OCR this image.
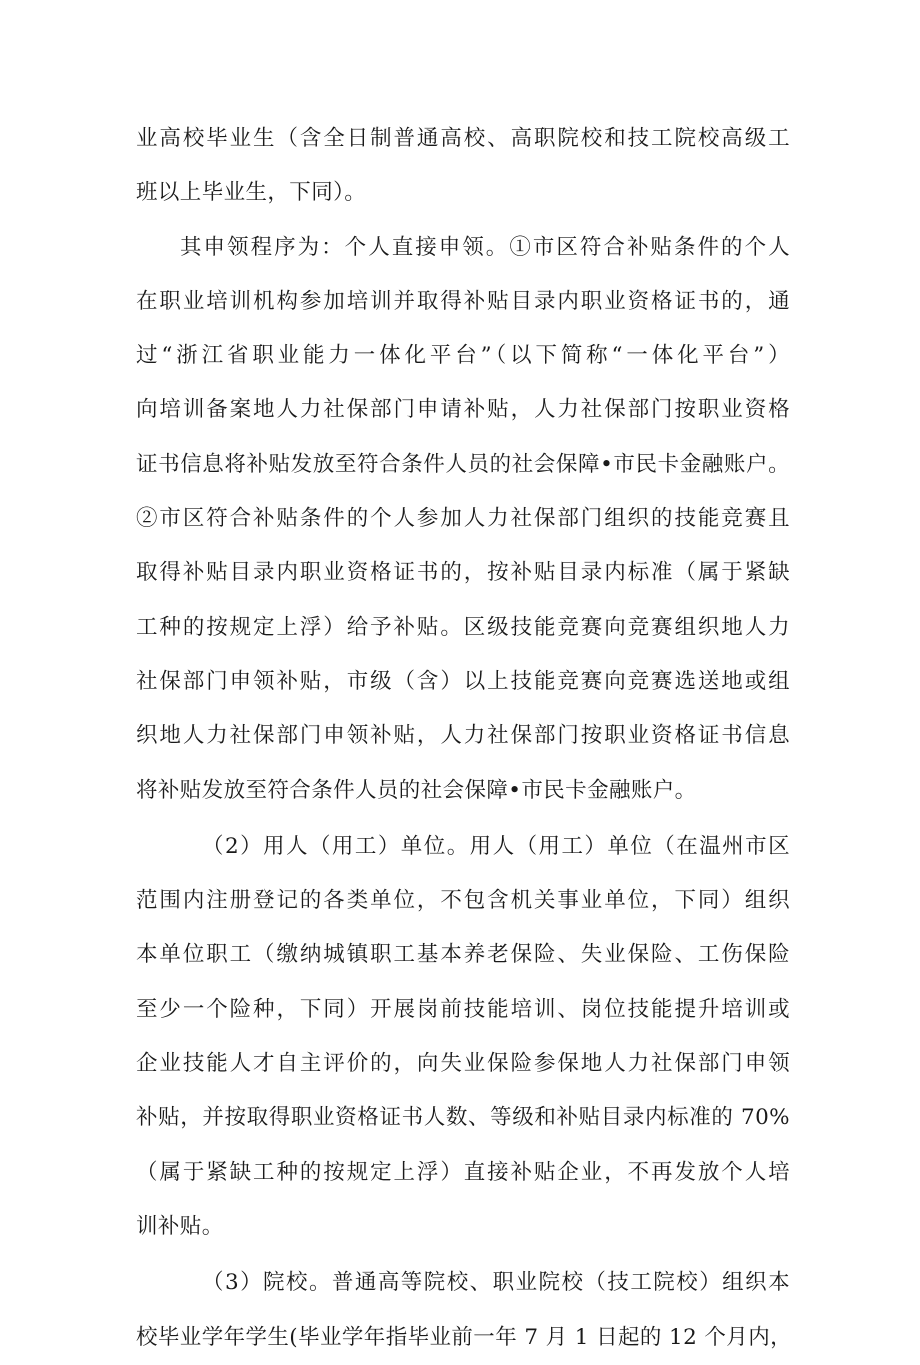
业高校毕业生（含全日制普通高校、高职院校和技工院校高级工
班以上毕业生，下同）。
其申领程序为：个人直接申领。①市区符合补贴条件的个人
在职业培训机构参加培训并取得补贴目录内职业资格证书的，通
过“浙江省职业能力一体化平台”（以下简称“一体化平台”）
向培训备案地人力社保部门申请补贴，人力社保部门按职业资格
证书信息将补贴发放至符合条件人员的社会保障•市民卡金融账户。
②市区符合补贴条件的个人参加人力社保部门组织的技能竞赛且
取得补贴目录内职业资格证书的，按补贴目录内标准（属于紧缺
工种的按规定上浮）给予补贴。区级技能竞赛向竞赛组织地人力
社保部门申领补贴，市级（含）以上技能竞赛向竞赛选送地或组
织地人力社保部门申领补贴，人力社保部门按职业资格证书信息
将补贴发放至符合条件人员的社会保障•市民卡金融账户。
（2）用人（用工）单位。用人（用工）单位（在温州市区
范围内注册登记的各类单位，不包含机关事业单位，下同）组织
本单位职工（缴纳城镇职工基本养老保险、失业保险、工伤保险
至少一个险种，下同）开展岗前技能培训、岗位技能提升培训或
企业技能人才自主评价的，向失业保险参保地人力社保部门申领
补贴，并按取得职业资格证书人数、等级和补贴目录内标准的 70%
（属于紧缺工种的按规定上浮）直接补贴企业，不再发放个人培
训补贴。
（3）院校。普通高等院校、职业院校（技工院校）组织本
校毕业学年学生(毕业学年指毕业前一年 7 月 1 日起的 12 个月内，
